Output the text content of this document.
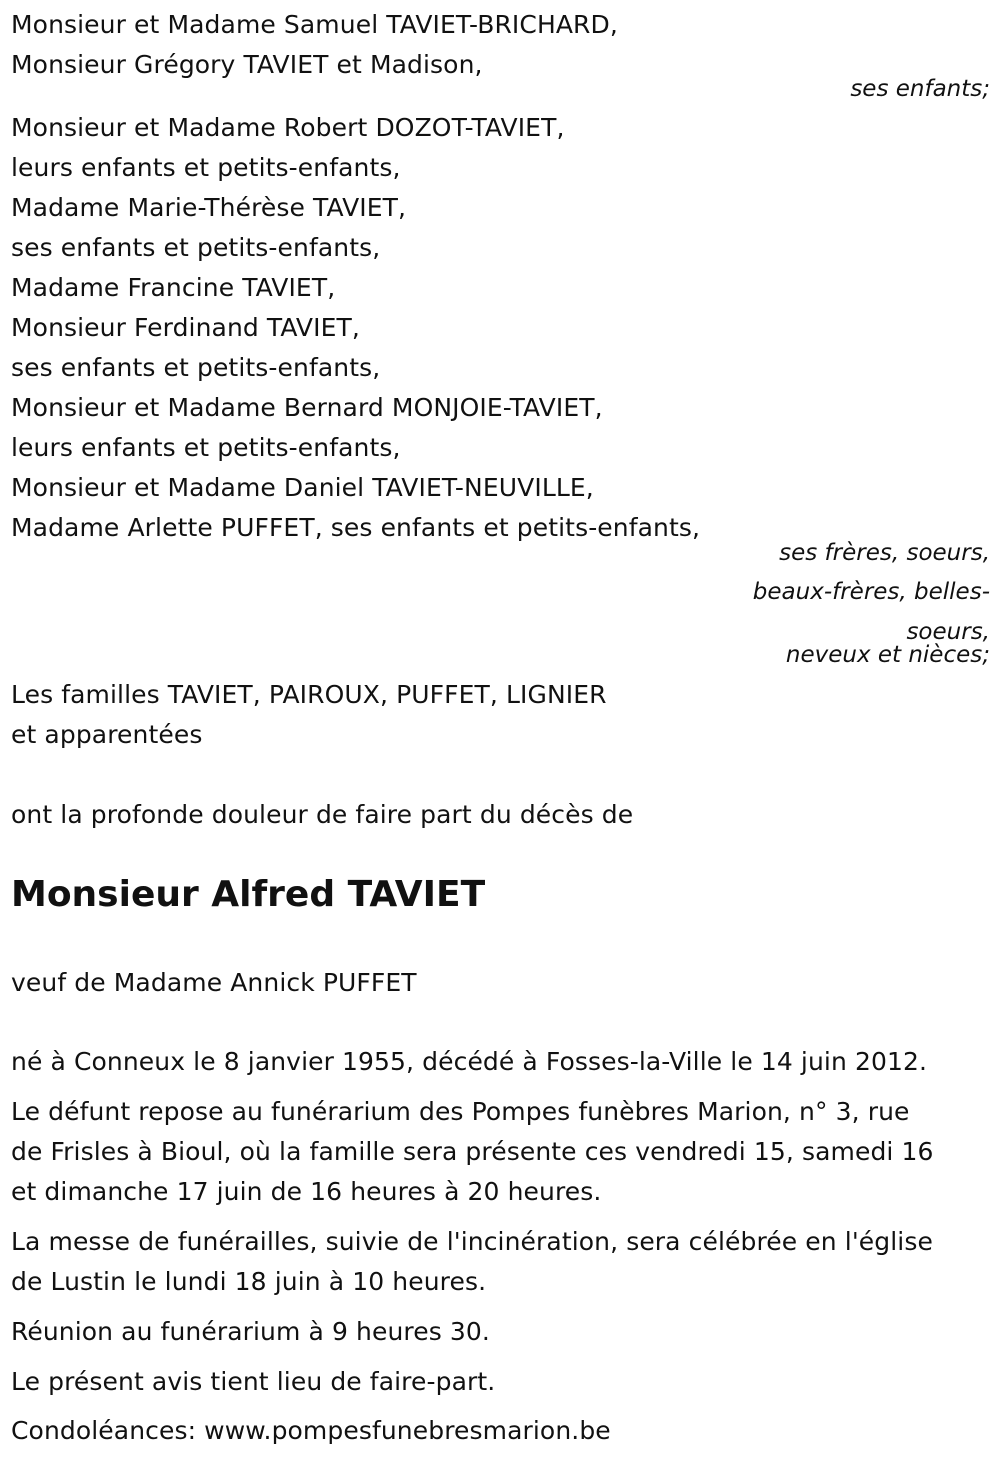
Monsieur et Madame Samuel TAVIET-BRICHARD,
Monsieur Grégory TAVIET et Madison,
ses enfants;
Monsieur et Madame Robert DOZOT-TAVIET,
leurs enfants et petits-enfants,
Madame Marie-Thérèse TAVIET,
ses enfants et petits-enfants,
Madame Francine TAVIET,
Monsieur Ferdinand TAVIET,
ses enfants et petits-enfants,
Monsieur et Madame Bernard MONJOIE-TAVIET,
leurs enfants et petits-enfants,
Monsieur et Madame Daniel TAVIET-NEUVILLE,
Madame Arlette PUFFET, ses enfants et petits-enfants,
ses frères, soeurs,
beaux-frères, belles-
soeurs,
neveux et nièces;
Les familles TAVIET, PAIROUX, PUFFET, LIGNIER
et apparentées
ont la profonde douleur de faire part du décès de
Monsieur Alfred TAVIET
veuf de Madame Annick PUFFET
né à Conneux le 8 janvier 1955, décédé à Fosses-la-Ville le 14 juin 2012.
Le défunt repose au funérarium des Pompes funèbres Marion, n° 3, rue
de Frisles à Bioul, où la famille sera présente ces vendredi 15, samedi 16
et dimanche 17 juin de 16 heures à 20 heures.
La messe de funérailles, suivie de l'incinération, sera célébrée en l'église
de Lustin le lundi 18 juin à 10 heures.
Réunion au funérarium à 9 heures 30.
Le présent avis tient lieu de faire-part.
Condoléances: www.pompesfunebresmarion.be
